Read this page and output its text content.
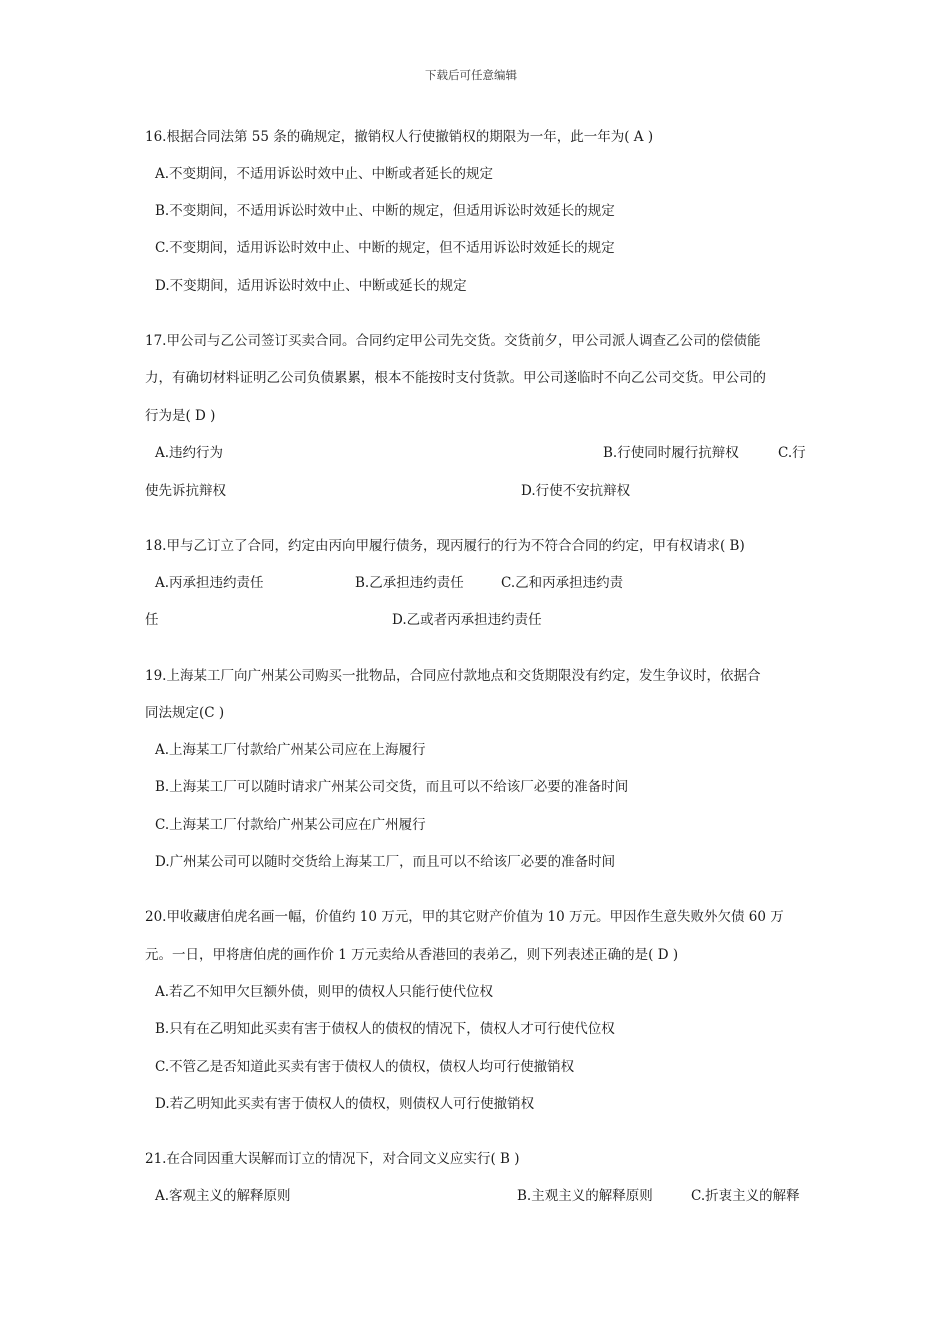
下载后可任意编辑
16.根据合同法第 55 条的确规定，撤销权人行使撤销权的期限为一年，此一年为( A )
A.不变期间，不适用诉讼时效中止、中断或者延长的规定
B.不变期间，不适用诉讼时效中止、中断的规定，但适用诉讼时效延长的规定
C.不变期间，适用诉讼时效中止、中断的规定，但不适用诉讼时效延长的规定
D.不变期间，适用诉讼时效中止、中断或延长的规定
17.甲公司与乙公司签订买卖合同。合同约定甲公司先交货。交货前夕，甲公司派人调查乙公司的偿债能
力，有确切材料证明乙公司负债累累，根本不能按时支付货款。甲公司遂临时不向乙公司交货。甲公司的
行为是( D )
A.违约行为	B.行使同时履行抗辩权	C.行
使先诉抗辩权	D.行使不安抗辩权
18.甲与乙订立了合同，约定由丙向甲履行债务，现丙履行的行为不符合合同的约定，甲有权请求( B)
A.丙承担违约责任	B.乙承担违约责任	C.乙和丙承担违约责
任	D.乙或者丙承担违约责任
19.上海某工厂向广州某公司购买一批物品，合同应付款地点和交货期限没有约定，发生争议时，依据合
同法规定(C )
A.上海某工厂付款给广州某公司应在上海履行
B.上海某工厂可以随时请求广州某公司交货，而且可以不给该厂必要的准备时间
C.上海某工厂付款给广州某公司应在广州履行
D.广州某公司可以随时交货给上海某工厂，而且可以不给该厂必要的准备时间
20.甲收藏唐伯虎名画一幅，价值约 10 万元，甲的其它财产价值为 10 万元。甲因作生意失败外欠债 60 万
元。一日，甲将唐伯虎的画作价 1 万元卖给从香港回的表弟乙，则下列表述正确的是( D )
A.若乙不知甲欠巨额外债，则甲的债权人只能行使代位权
B.只有在乙明知此买卖有害于债权人的债权的情况下，债权人才可行使代位权
C.不管乙是否知道此买卖有害于债权人的债权，债权人均可行使撤销权
D.若乙明知此买卖有害于债权人的债权，则债权人可行使撤销权
21.在合同因重大误解而订立的情况下，对合同文义应实行( B )
A.客观主义的解释原则	B.主观主义的解释原则	C.折衷主义的解释
